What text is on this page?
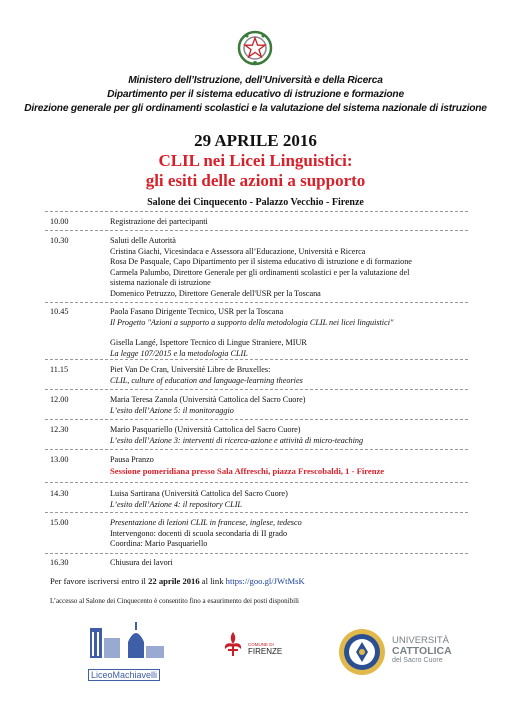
Ministero dell’Istruzione, dell’Università e della Ricerca
Dipartimento per il sistema educativo di istruzione e formazione
Direzione generale per gli ordinamenti scolastici e la valutazione del sistema nazionale di istruzione
29 APRILE 2016
CLIL nei Licei Linguistici:
gli esiti delle azioni a supporto
Salone dei Cinquecento - Palazzo Vecchio - Firenze
10.00	Registrazione dei partecipanti
10.30	Saluti delle Autorità
Cristina Giachi, Vicesindaca e Assessora all’Educazione, Università e Ricerca
Rosa De Pasquale, Capo Dipartimento per il sistema educativo di istruzione e di formazione
Carmela Palumbo, Direttore Generale per gli ordinamenti scolastici e per la valutazione del
sistema nazionale di istruzione
Domenico Petruzzo, Direttore Generale dell'USR per la Toscana
10.45	Paola Fasano Dirigente Tecnico, USR per la Toscana
Il Progetto "Azioni a supporto a supporto della metodologia CLIL nei licei linguistici"
Gisella Langé, Ispettore Tecnico di Lingue Straniere, MIUR
La legge 107/2015 e la metodologia CLIL
11.15	Piet Van De Cran, Université Libre de Bruxelles:
CLIL, culture of education and language-learning theories
12.00	Maria Teresa Zanola (Università Cattolica del Sacro Cuore)
L’esito dell’Azione 5: il monitoraggio
12.30	Mario Pasquariello (Università Cattolica del Sacro Cuore)
L’esito dell’Azione 3: interventi di ricerca-azione e attività di micro-teaching
13.00	Pausa Pranzo
Sessione pomeridiana presso Sala Affreschi, piazza Frescobaldi, 1 - Firenze
14.30	Luisa Sartirana (Università Cattolica del Sacro Cuore)
L’esito dell’Azione 4: il repository CLIL
15.00	Presentazione di lezioni CLIL in francese, inglese, tedesco
Intervengono: docenti di scuola secondaria di II grado
Coordina: Mario Pasquariello
16.30	Chiusura dei lavori
Per favore iscriversi entro il 22 aprile 2016 al link https://goo.gl/JWtMsK
L’accesso al Salone dei Cinquecento è consentito fino a esaurimento dei posti disponibili
LiceoMachiavelli
COMUNE DI
FIRENZE
UNIVERSITÀ
CATTOLICA
del Sacro Cuore
